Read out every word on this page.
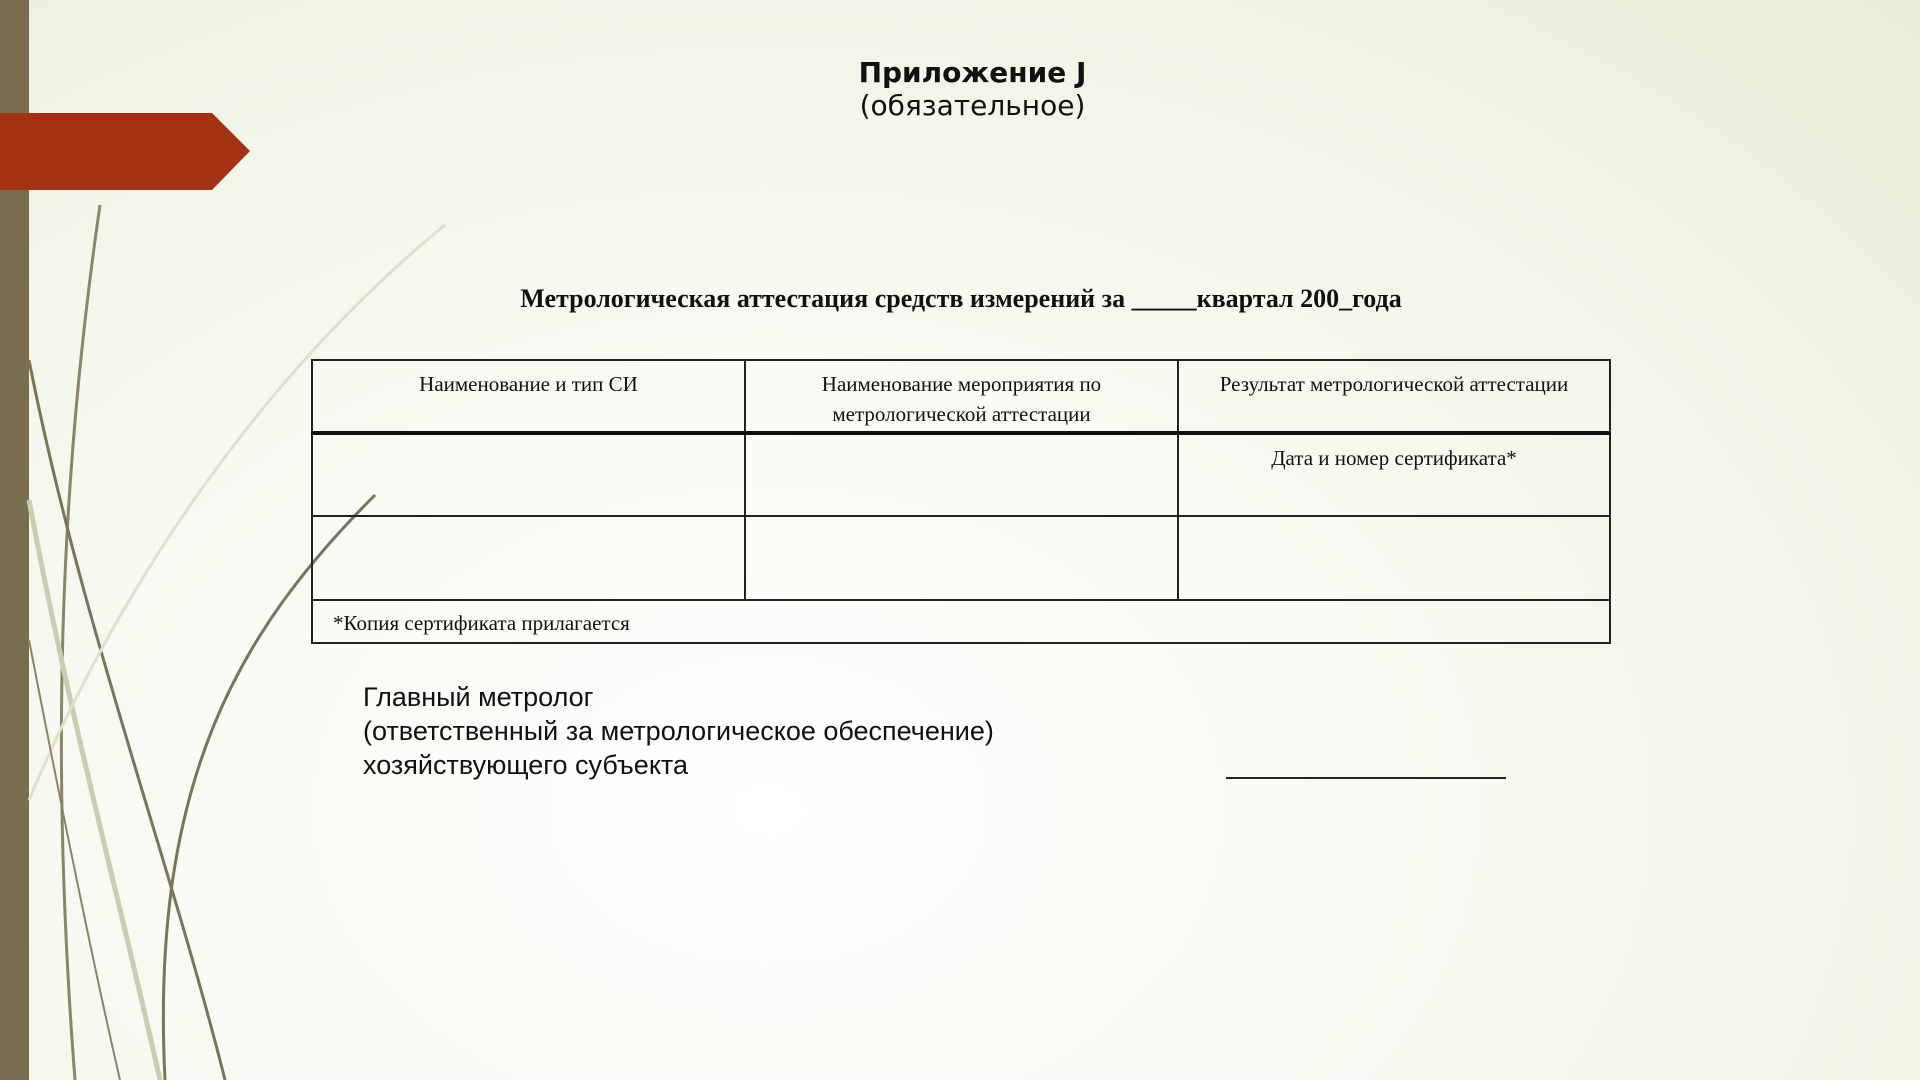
Приложение J
(обязательное)
Метрологическая аттестация средств измерений за _____квартал 200_года
Наименование и тип СИ	Наименование мероприятия по метрологической аттестации	Результат метрологической аттестации
		Дата и номер сертификата*

*Копия сертификата прилагается		
Главный метролог
(ответственный за метрологическое обеспечение)
хозяйствующего субъекта
